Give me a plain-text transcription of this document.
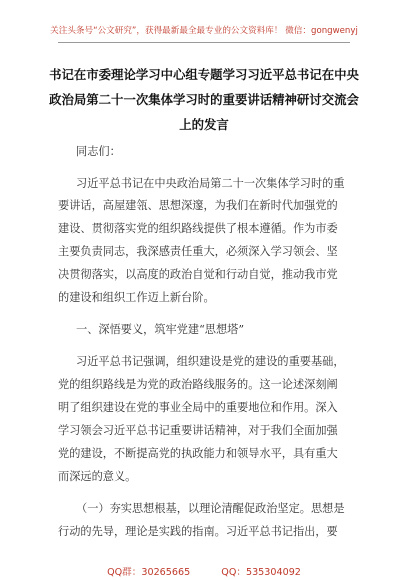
关注头条号“公文研究”，获得最新最全最专业的公文资料库！ 微信：gongwenyj
书记在市委理论学习中心组专题学习习近平总书记在中央
政治局第二十一次集体学习时的重要讲话精神研讨交流会
上的发言
同志们：
习近平总书记在中央政治局第二十一次集体学习时的重
要讲话，高屋建瓴、思想深邃，为我们在新时代加强党的
建设、贯彻落实党的组织路线提供了根本遵循。作为市委
主要负责同志，我深感责任重大，必须深入学习领会、坚
决贯彻落实，以高度的政治自觉和行动自觉，推动我市党
的建设和组织工作迈上新台阶。
一、深悟要义，筑牢党建“思想塔”
习近平总书记强调，组织建设是党的建设的重要基础，
党的组织路线是为党的政治路线服务的。这一论述深刻阐
明了组织建设在党的事业全局中的重要地位和作用。深入
学习领会习近平总书记重要讲话精神，对于我们全面加强
党的建设，不断提高党的执政能力和领导水平，具有重大
而深远的意义。
（一）夯实思想根基，以理论清醒促政治坚定。思想是
行动的先导，理论是实践的指南。习近平总书记指出，要
QQ群：30265665	QQ：535304092
